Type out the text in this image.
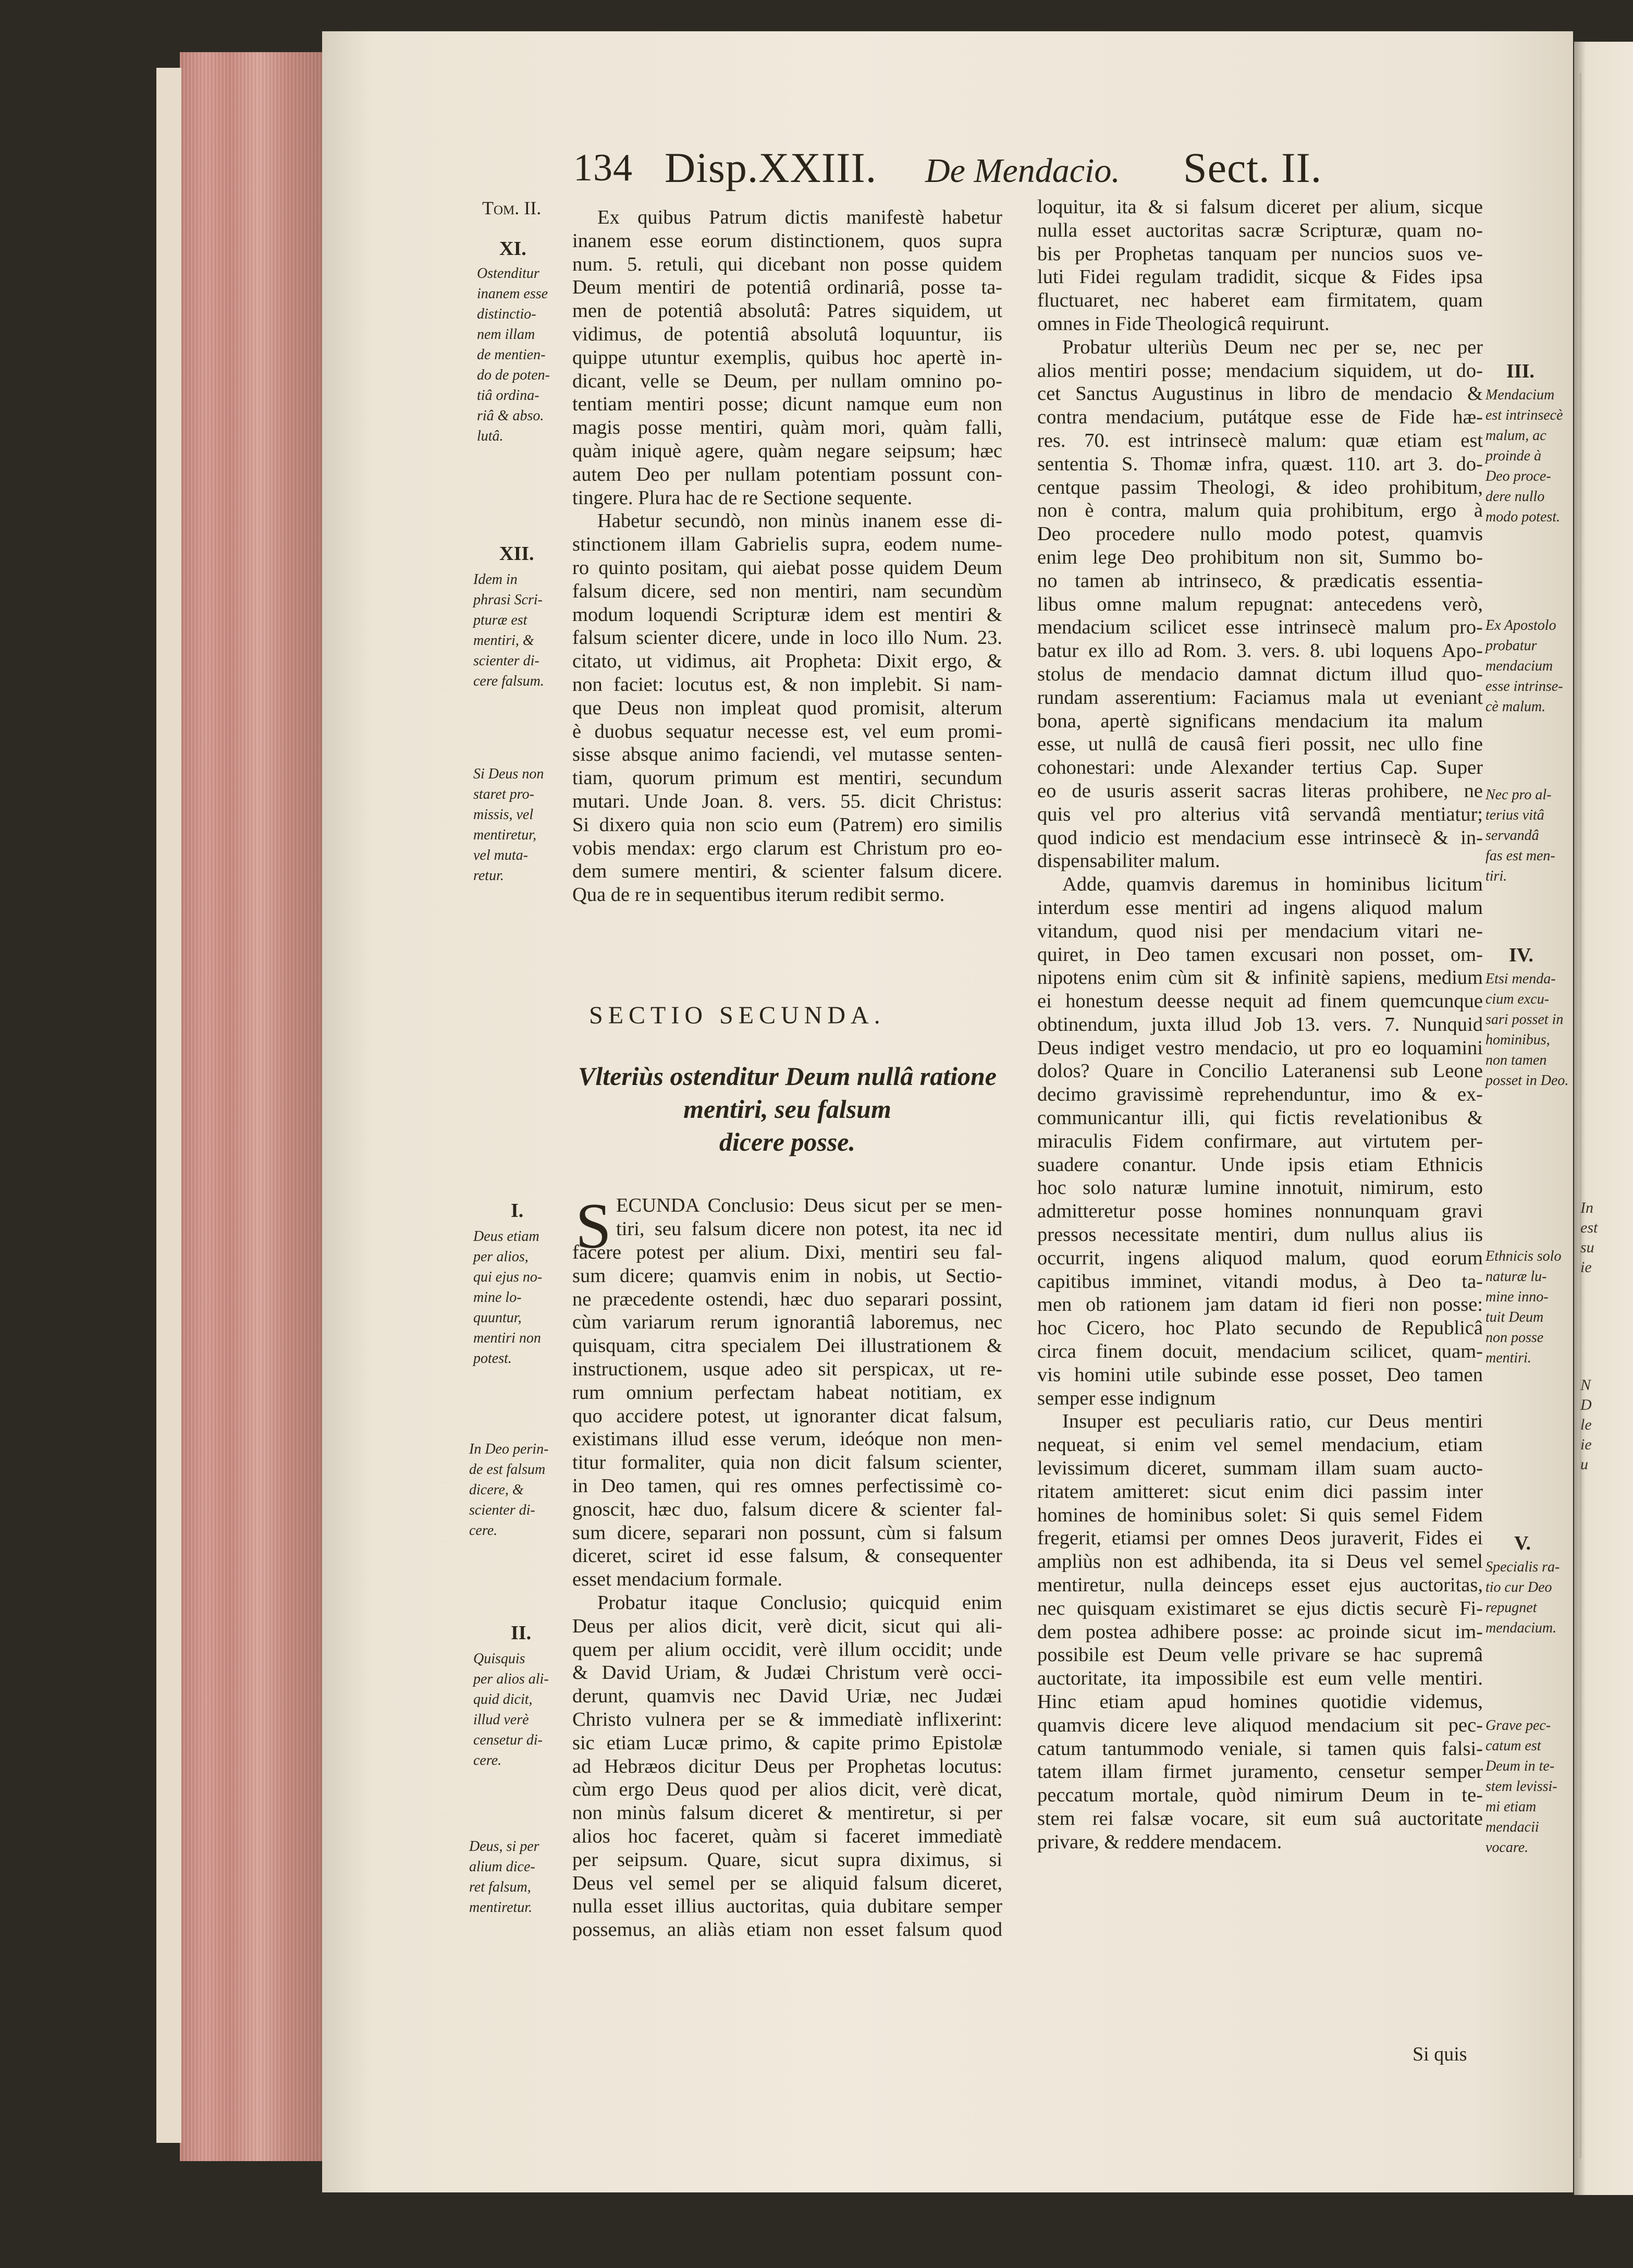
In
est
su
ie
N
D
le
ie
u
134 Disp.XXIII. De Mendacio. Sect. II.
Tom. II.
XI.
Ostenditur
inanem esse
distinctio-
nem illam
de mentien-
do de poten-
tiâ ordina-
riâ & abso.
lutâ.
XII.
Idem in
phrasi Scri-
pturæ est
mentiri, &
scienter di-
cere falsum.
Si Deus non
staret pro-
missis, vel
mentiretur,
vel muta-
retur.
I.
Deus etiam
per alios,
qui ejus no-
mine lo-
quuntur,
mentiri non
potest.
In Deo perin-
de est falsum
dicere, &
scienter di-
cere.
II.
Quisquis
per alios ali-
quid dicit,
illud verè
censetur di-
cere.
Deus, si per
alium dice-
ret falsum,
mentiretur.
Ex quibus Patrum dictis manifestè habetur
inanem esse eorum distinctionem, quos supra
num. 5. retuli, qui dicebant non posse quidem
Deum mentiri de potentiâ ordinariâ, posse ta-
men de potentiâ absolutâ: Patres siquidem, ut
vidimus, de potentiâ absolutâ loquuntur, iis
quippe utuntur exemplis, quibus hoc apertè in-
dicant, velle se Deum, per nullam omnino po-
tentiam mentiri posse; dicunt namque eum non
magis posse mentiri, quàm mori, quàm falli,
quàm iniquè agere, quàm negare seipsum; hæc
autem Deo per nullam potentiam possunt con-
tingere. Plura hac de re Sectione sequente.
Habetur secundò, non minùs inanem esse di-
stinctionem illam Gabrielis supra, eodem nume-
ro quinto positam, qui aiebat posse quidem Deum
falsum dicere, sed non mentiri, nam secundùm
modum loquendi Scripturæ idem est mentiri &
falsum scienter dicere, unde in loco illo Num. 23.
citato, ut vidimus, ait Propheta: Dixit ergo, &
non faciet: locutus est, & non implebit. Si nam-
que Deus non impleat quod promisit, alterum
è duobus sequatur necesse est, vel eum promi-
sisse absque animo faciendi, vel mutasse senten-
tiam, quorum primum est mentiri, secundum
mutari. Unde Joan. 8. vers. 55. dicit Christus:
Si dixero quia non scio eum (Patrem) ero similis
vobis mendax: ergo clarum est Christum pro eo-
dem sumere mentiri, & scienter falsum dicere.
Qua de re in sequentibus iterum redibit sermo.
SECTIO SECUNDA.
Vlteriùs ostenditur Deum nullâ ratione
mentiri, seu falsum
dicere posse.
S ECUNDA Conclusio: Deus sicut per se men-
tiri, seu falsum dicere non potest, ita nec id
facere potest per alium. Dixi, mentiri seu fal-
sum dicere; quamvis enim in nobis, ut Sectio-
ne præcedente ostendi, hæc duo separari possint,
cùm variarum rerum ignorantiâ laboremus, nec
quisquam, citra specialem Dei illustrationem &
instructionem, usque adeo sit perspicax, ut re-
rum omnium perfectam habeat notitiam, ex
quo accidere potest, ut ignoranter dicat falsum,
existimans illud esse verum, ideóque non men-
titur formaliter, quia non dicit falsum scienter,
in Deo tamen, qui res omnes perfectissimè co-
gnoscit, hæc duo, falsum dicere & scienter fal-
sum dicere, separari non possunt, cùm si falsum
diceret, sciret id esse falsum, & consequenter
esset mendacium formale.
Probatur itaque Conclusio; quicquid enim
Deus per alios dicit, verè dicit, sicut qui ali-
quem per alium occidit, verè illum occidit; unde
& David Uriam, & Judæi Christum verè occi-
derunt, quamvis nec David Uriæ, nec Judæi
Christo vulnera per se & immediatè inflixerint:
sic etiam Lucæ primo, & capite primo Epistolæ
ad Hebræos dicitur Deus per Prophetas locutus:
cùm ergo Deus quod per alios dicit, verè dicat,
non minùs falsum diceret & mentiretur, si per
alios hoc faceret, quàm si faceret immediatè
per seipsum. Quare, sicut supra diximus, si
Deus vel semel per se aliquid falsum diceret,
nulla esset illius auctoritas, quia dubitare semper
possemus, an aliàs etiam non esset falsum quod
loquitur, ita & si falsum diceret per alium, sicque
nulla esset auctoritas sacræ Scripturæ, quam no-
bis per Prophetas tanquam per nuncios suos ve-
luti Fidei regulam tradidit, sicque & Fides ipsa
fluctuaret, nec haberet eam firmitatem, quam
omnes in Fide Theologicâ requirunt.
Probatur ulteriùs Deum nec per se, nec per
alios mentiri posse; mendacium siquidem, ut do-
cet Sanctus Augustinus in libro de mendacio &
contra mendacium, putátque esse de Fide hæ-
res. 70. est intrinsecè malum: quæ etiam est
sententia S. Thomæ infra, quæst. 110. art 3. do-
centque passim Theologi, & ideo prohibitum,
non è contra, malum quia prohibitum, ergo à
Deo procedere nullo modo potest, quamvis
enim lege Deo prohibitum non sit, Summo bo-
no tamen ab intrinseco, & prædicatis essentia-
libus omne malum repugnat: antecedens verò,
mendacium scilicet esse intrinsecè malum pro-
batur ex illo ad Rom. 3. vers. 8. ubi loquens Apo-
stolus de mendacio damnat dictum illud quo-
rundam asserentium: Faciamus mala ut eveniant
bona, apertè significans mendacium ita malum
esse, ut nullâ de causâ fieri possit, nec ullo fine
cohonestari: unde Alexander tertius Cap. Super
eo de usuris asserit sacras literas prohibere, ne
quis vel pro alterius vitâ servandâ mentiatur;
quod indicio est mendacium esse intrinsecè & in-
dispensabiliter malum.
Adde, quamvis daremus in hominibus licitum
interdum esse mentiri ad ingens aliquod malum
vitandum, quod nisi per mendacium vitari ne-
quiret, in Deo tamen excusari non posset, om-
nipotens enim cùm sit & infinitè sapiens, medium
ei honestum deesse nequit ad finem quemcunque
obtinendum, juxta illud Job 13. vers. 7. Nunquid
Deus indiget vestro mendacio, ut pro eo loquamini
dolos? Quare in Concilio Lateranensi sub Leone
decimo gravissimè reprehenduntur, imo & ex-
communicantur illi, qui fictis revelationibus &
miraculis Fidem confirmare, aut virtutem per-
suadere conantur. Unde ipsis etiam Ethnicis
hoc solo naturæ lumine innotuit, nimirum, esto
admitteretur posse homines nonnunquam gravi
pressos necessitate mentiri, dum nullus alius iis
occurrit, ingens aliquod malum, quod eorum
capitibus imminet, vitandi modus, à Deo ta-
men ob rationem jam datam id fieri non posse:
hoc Cicero, hoc Plato secundo de Republicâ
circa finem docuit, mendacium scilicet, quam-
vis homini utile subinde esse posset, Deo tamen
semper esse indignum
Insuper est peculiaris ratio, cur Deus mentiri
nequeat, si enim vel semel mendacium, etiam
levissimum diceret, summam illam suam aucto-
ritatem amitteret: sicut enim dici passim inter
homines de hominibus solet: Si quis semel Fidem
fregerit, etiamsi per omnes Deos juraverit, Fides ei
ampliùs non est adhibenda, ita si Deus vel semel
mentiretur, nulla deinceps esset ejus auctoritas,
nec quisquam existimaret se ejus dictis securè Fi-
dem postea adhibere posse: ac proinde sicut im-
possibile est Deum velle privare se hac supremâ
auctoritate, ita impossibile est eum velle mentiri.
Hinc etiam apud homines quotidie videmus,
quamvis dicere leve aliquod mendacium sit pec-
catum tantummodo veniale, si tamen quis falsi-
tatem illam firmet juramento, censetur semper
peccatum mortale, quòd nimirum Deum in te-
stem rei falsæ vocare, sit eum suâ auctoritate
privare, & reddere mendacem.
Si quis
III.
Mendacium
est intrinsecè
malum, ac
proinde à
Deo proce-
dere nullo
modo potest.
Ex Apostolo
probatur
mendacium
esse intrinse-
cè malum.
Nec pro al-
terius vitâ
servandâ
fas est men-
tiri.
IV.
Etsi menda-
cium excu-
sari posset in
hominibus,
non tamen
posset in Deo.
Ethnicis solo
naturæ lu-
mine inno-
tuit Deum
non posse
mentiri.
V.
Specialis ra-
tio cur Deo
repugnet
mendacium.
Grave pec-
catum est
Deum in te-
stem levissi-
mi etiam
mendacii
vocare.
